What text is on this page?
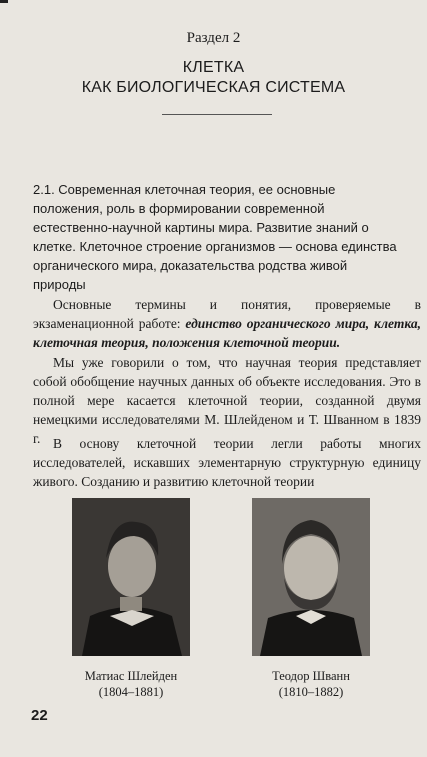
Раздел 2
КЛЕТКА
КАК БИОЛОГИЧЕСКАЯ СИСТЕМА
2.1. Современная клеточная теория, ее основные положения, роль в формировании современной естественно-научной картины мира. Развитие знаний о клетке. Клеточное строение организмов — основа единства органического мира, доказательства родства живой природы
Основные термины и понятия, проверяемые в экзаменационной работе: единство органического мира, клетка, клеточная теория, положения клеточной теории.
Мы уже говорили о том, что научная теория представляет собой обобщение научных данных об объекте исследования. Это в полной мере касается клеточной теории, созданной двумя немецкими исследователями М. Шлейденом и Т. Шванном в 1839 г. В основу клеточной теории легли работы многих исследователей, искавших элементарную структурную единицу живого. Созданию и развитию клеточной теории
Матиас Шлейден
(1804–1881)
Теодор Шванн
(1810–1882)
22
